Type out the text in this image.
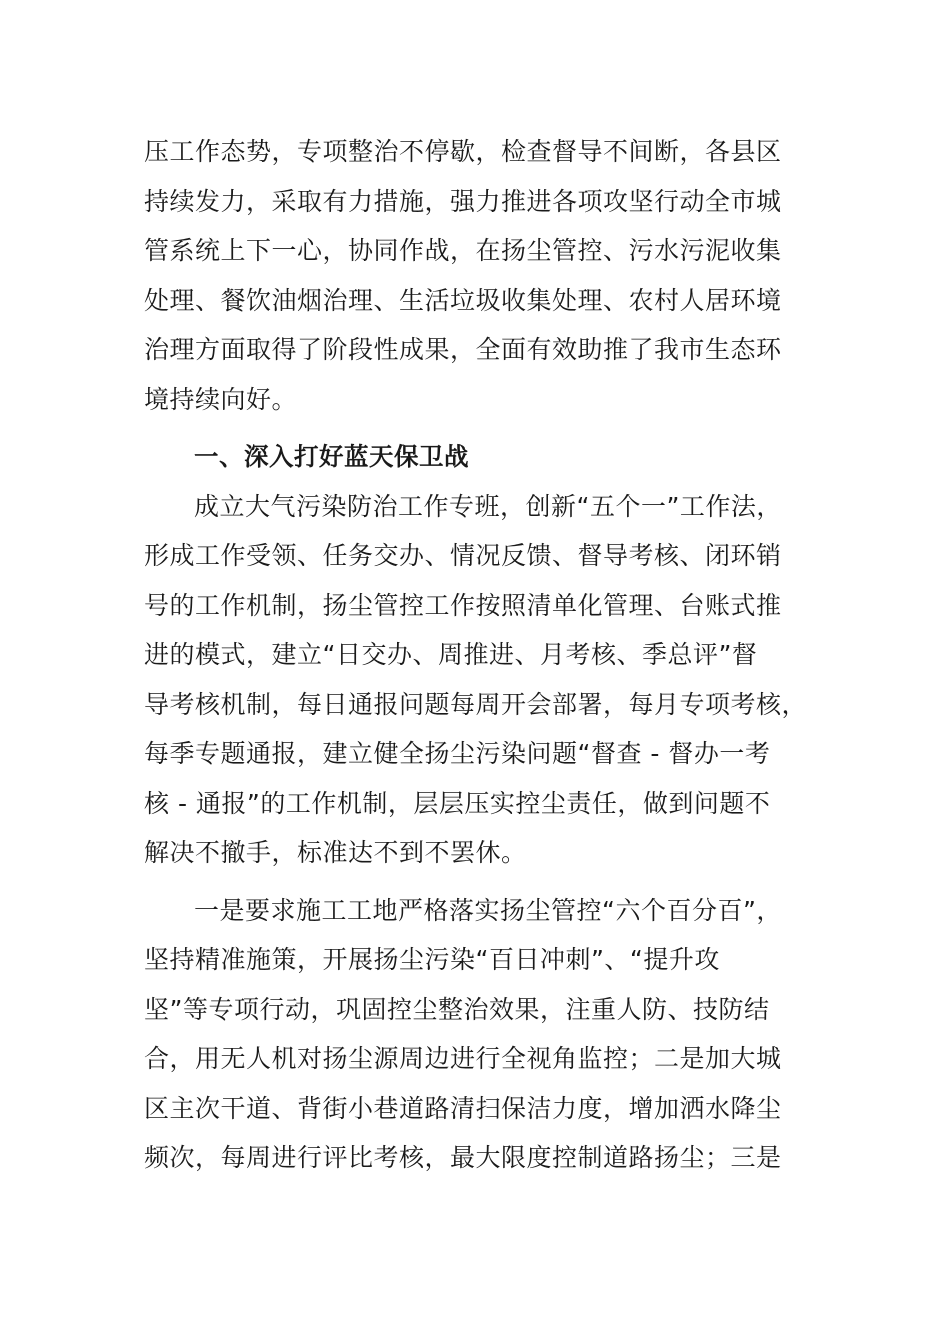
压工作态势，专项整治不停歇，检查督导不间断，各县区
持续发力，采取有力措施，强力推进各项攻坚行动全市城
管系统上下一心，协同作战，在扬尘管控、污水污泥收集
处理、餐饮油烟治理、生活垃圾收集处理、农村人居环境
治理方面取得了阶段性成果，全面有效助推了我市生态环
境持续向好。
一、深入打好蓝天保卫战
成立大气污染防治工作专班，创新“五个一”工作法，
形成工作受领、任务交办、情况反馈、督导考核、闭环销
号的工作机制，扬尘管控工作按照清单化管理、台账式推
进的模式，建立“日交办、周推进、月考核、季总评”督
导考核机制，每日通报问题每周开会部署，每月专项考核，
每季专题通报，建立健全扬尘污染问题“督查 - 督办一考
核 - 通报”的工作机制，层层压实控尘责任，做到问题不
解决不撤手，标准达不到不罢休。
一是要求施工工地严格落实扬尘管控“六个百分百”，
坚持精准施策，开展扬尘污染“百日冲刺”、“提升攻
坚”等专项行动，巩固控尘整治效果，注重人防、技防结
合，用无人机对扬尘源周边进行全视角监控；二是加大城
区主次干道、背街小巷道路清扫保洁力度，增加洒水降尘
频次，每周进行评比考核，最大限度控制道路扬尘；三是
